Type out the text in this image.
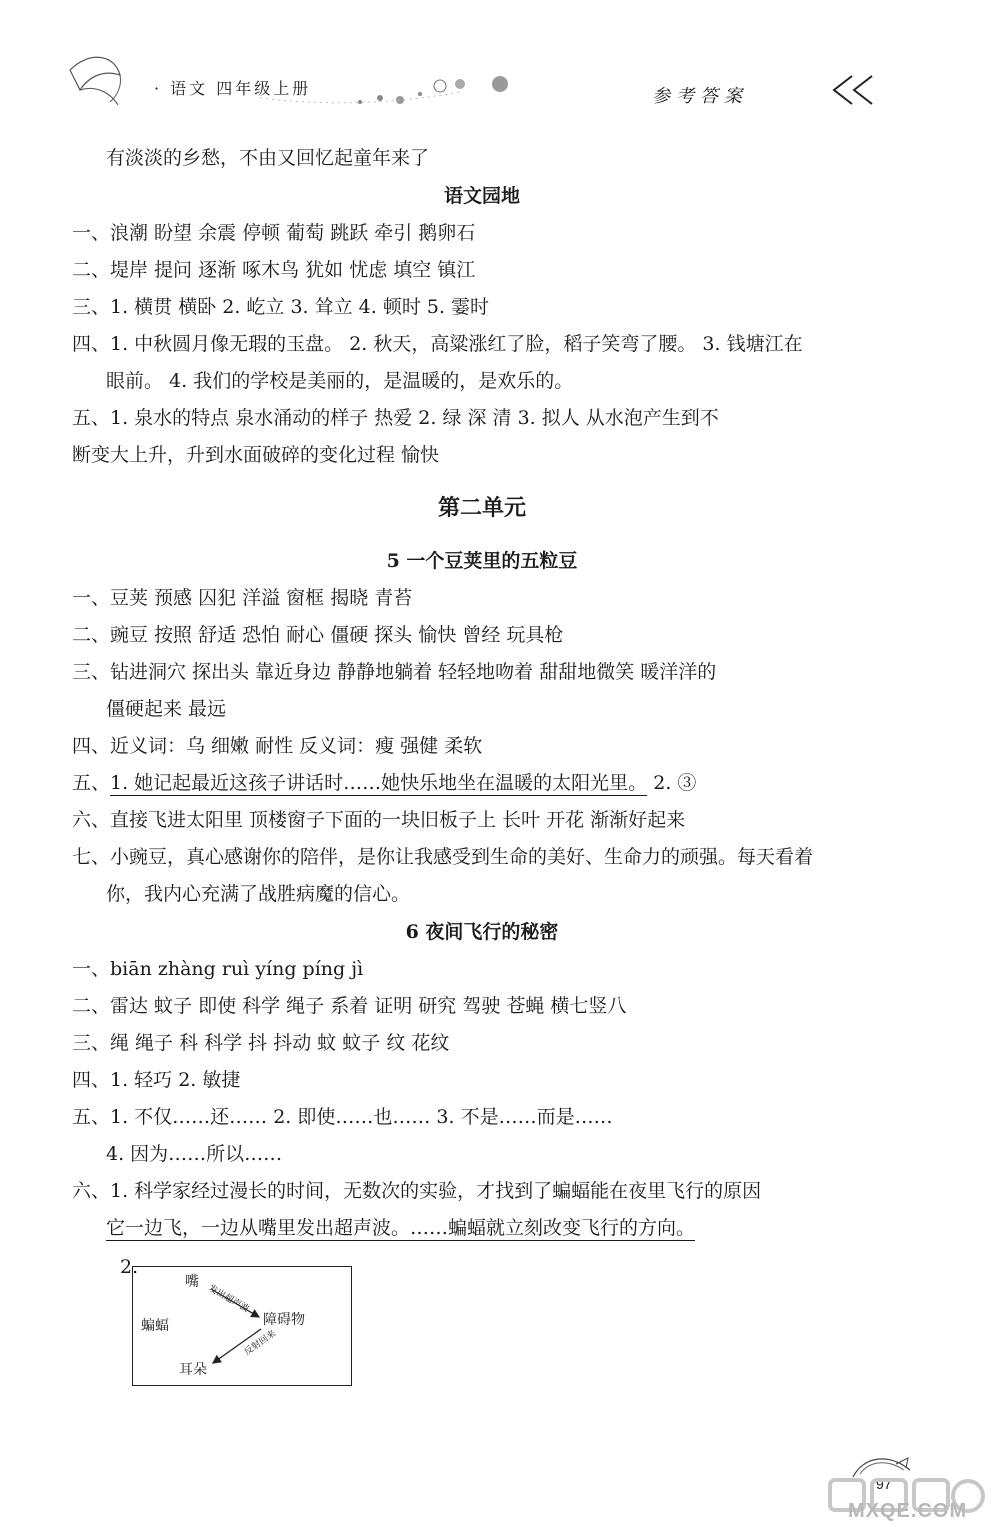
· 语文 四年级上册	参考答案
有淡淡的乡愁，不由又回忆起童年来了
语文园地
一、浪潮 盼望 余震 停顿 葡萄 跳跃 牵引 鹅卵石
二、堤岸 提问 逐渐 啄木鸟 犹如 忧虑 填空 镇江
三、1. 横贯 横卧 2. 屹立 3. 耸立 4. 顿时 5. 霎时
四、1. 中秋圆月像无瑕的玉盘。 2. 秋天，高粱涨红了脸，稻子笑弯了腰。 3. 钱塘江在
眼前。 4. 我们的学校是美丽的，是温暖的，是欢乐的。
五、1. 泉水的特点 泉水涌动的样子 热爱 2. 绿 深 清 3. 拟人 从水泡产生到不
断变大上升，升到水面破碎的变化过程 愉快
第二单元
5 一个豆荚里的五粒豆
一、豆荚 预感 囚犯 洋溢 窗框 揭晓 青苔
二、豌豆 按照 舒适 恐怕 耐心 僵硬 探头 愉快 曾经 玩具枪
三、钻进洞穴 探出头 靠近身边 静静地躺着 轻轻地吻着 甜甜地微笑 暖洋洋的
僵硬起来 最远
四、近义词：乌 细嫩 耐性 反义词：瘦 强健 柔软
五、1. 她记起最近这孩子讲话时……她快乐地坐在温暖的太阳光里。 2. ③
六、直接飞进太阳里 顶楼窗子下面的一块旧板子上 长叶 开花 渐渐好起来
七、小豌豆，真心感谢你的陪伴，是你让我感受到生命的美好、生命力的顽强。每天看着
你，我内心充满了战胜病魔的信心。
6 夜间飞行的秘密
一、biān zhàng ruì yíng píng jì
二、雷达 蚊子 即使 科学 绳子 系着 证明 研究 驾驶 苍蝇 横七竖八
三、绳 绳子 科 科学 抖 抖动 蚊 蚊子 纹 花纹
四、1. 轻巧 2. 敏捷
五、1. 不仅……还…… 2. 即使……也…… 3. 不是……而是……
4. 因为……所以……
六、1. 科学家经过漫长的时间，无数次的实验，才找到了蝙蝠能在夜里飞行的原因
它一边飞，一边从嘴里发出超声波。……蝙蝠就立刻改变飞行的方向。
2.
嘴
蝙蝠	障碍物
耳朵
发出超声波
反射回来
97
MXQE.COM
